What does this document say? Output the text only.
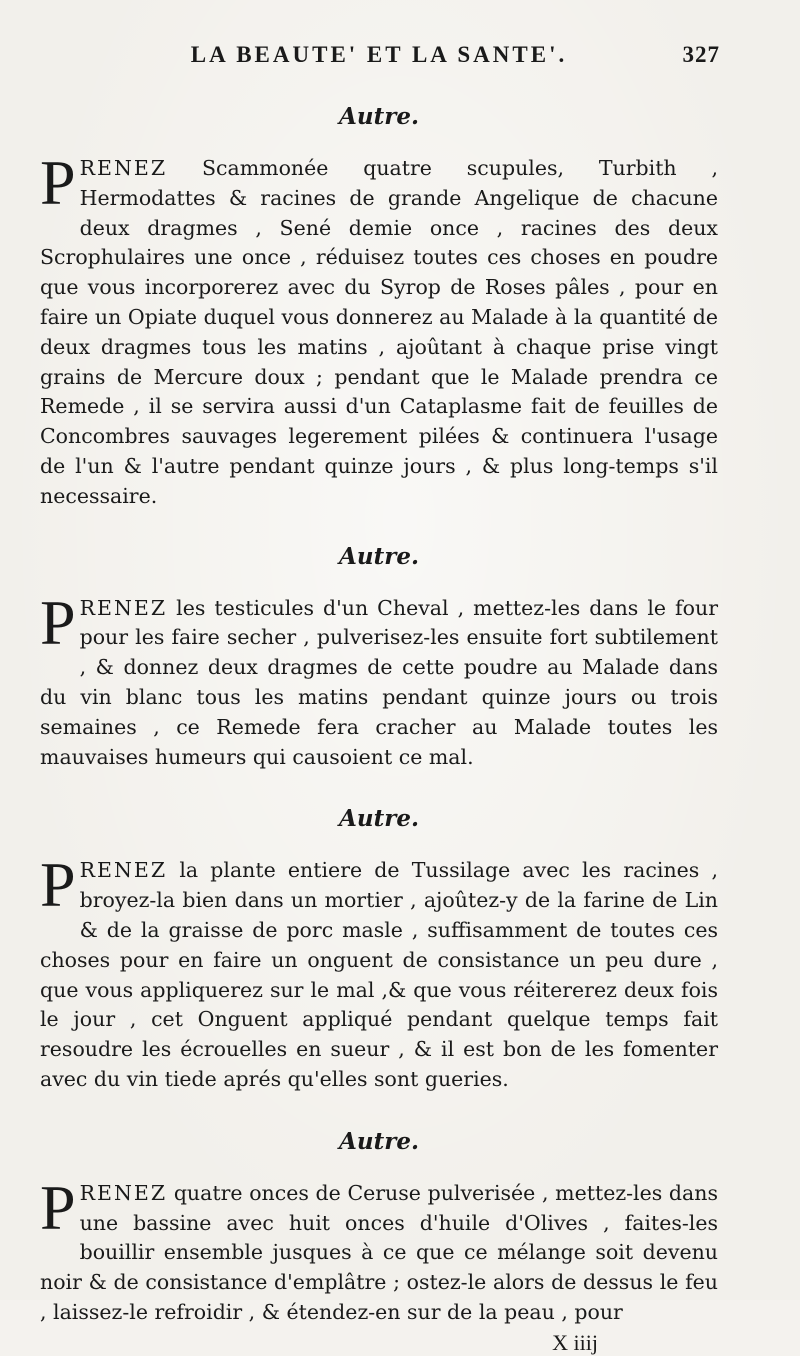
LA BEAUTE' ET LA SANTE'.	327
Autre.

PRENEZ Scammonée quatre scupules, Turbith , Hermodattes & racines de grande Angelique de chacune deux dragmes , Sené demie once , racines des deux Scrophulaires une once , réduisez toutes ces choses en poudre que vous incorporerez avec du Syrop de Roses pâles , pour en faire un Opiate duquel vous donnerez au Malade à la quantité de deux dragmes tous les matins , ajoûtant à chaque prise vingt grains de Mercure doux ; pendant que le Malade prendra ce Remede , il se servira aussi d'un Cataplasme fait de feuilles de Concombres sauvages legerement pilées & continuera l'usage de l'un & l'autre pendant quinze jours , & plus long-temps s'il necessaire.

Autre.

PRENEZ les testicules d'un Cheval , mettez-les dans le four pour les faire secher , pulverisez-les ensuite fort subtilement , & donnez deux dragmes de cette poudre au Malade dans du vin blanc tous les matins pendant quinze jours ou trois semaines , ce Remede fera cracher au Malade toutes les mauvaises humeurs qui causoient ce mal.

Autre.

PRENEZ la plante entiere de Tussilage avec les racines , broyez-la bien dans un mortier , ajoûtez-y de la farine de Lin & de la graisse de porc masle , suffisamment de toutes ces choses pour en faire un onguent de consistance un peu dure , que vous appliquerez sur le mal ,& que vous réitererez deux fois le jour , cet Onguent appliqué pendant quelque temps fait resoudre les écrouelles en sueur , & il est bon de les fomenter avec du vin tiede aprés qu'elles sont gueries.

Autre.

PRENEZ quatre onces de Ceruse pulverisée , mettez-les dans une bassine avec huit onces d'huile d'Olives , faites-les bouillir ensemble jusques à ce que ce mélange soit devenu noir & de consistance d'emplâtre ; ostez-le alors de dessus le feu , laissez-le refroidir , & étendez-en sur de la peau , pour

X iiij
